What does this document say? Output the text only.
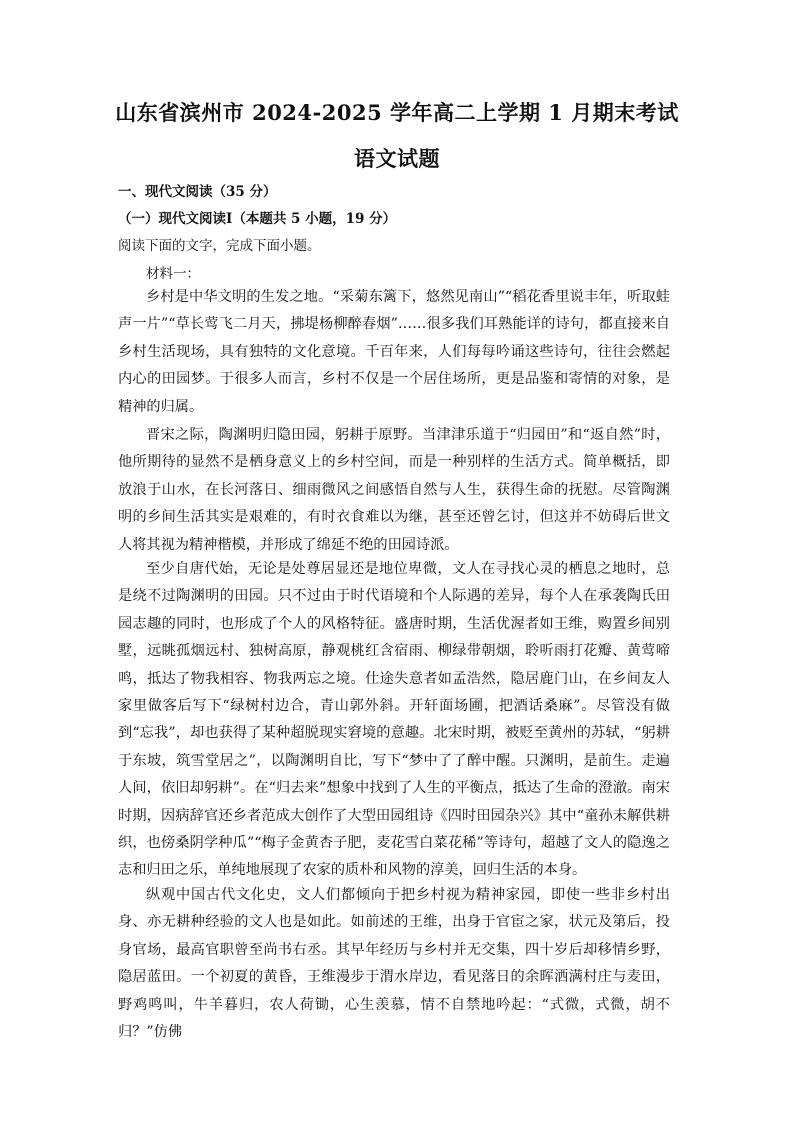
山东省滨州市 2024-2025 学年高二上学期 1 月期末考试
语文试题
一、现代文阅读（35 分）
（一）现代文阅读Ⅰ（本题共 5 小题，19 分）
阅读下面的文字，完成下面小题。
材料一：

乡村是中华文明的生发之地。“采菊东篱下，悠然见南山”“稻花香里说丰年，听取蛙声一片”“草长莺飞二月天，拂堤杨柳醉春烟”……很多我们耳熟能详的诗句，都直接来自乡村生活现场，具有独特的文化意境。千百年来，人们每每吟诵这些诗句，往往会燃起内心的田园梦。于很多人而言，乡村不仅是一个居住场所，更是品鉴和寄情的对象，是精神的归属。

晋宋之际，陶渊明归隐田园，躬耕于原野。当津津乐道于“归园田”和“返自然”时，他所期待的显然不是栖身意义上的乡村空间，而是一种别样的生活方式。简单概括，即放浪于山水，在长河落日、细雨微风之间感悟自然与人生，获得生命的抚慰。尽管陶渊明的乡间生活其实是艰难的，有时衣食难以为继，甚至还曾乞讨，但这并不妨碍后世文人将其视为精神楷模，并形成了绵延不绝的田园诗派。

至少自唐代始，无论是处尊居显还是地位卑微，文人在寻找心灵的栖息之地时，总是绕不过陶渊明的田园。只不过由于时代语境和个人际遇的差异，每个人在承袭陶氏田园志趣的同时，也形成了个人的风格特征。盛唐时期，生活优渥者如王维，购置乡间别墅，远眺孤烟远村、独树高原，静观桃红含宿雨、柳绿带朝烟，聆听雨打花瓣、黄莺啼鸣，抵达了物我相容、物我两忘之境。仕途失意者如孟浩然，隐居鹿门山，在乡间友人家里做客后写下“绿树村边合，青山郭外斜。开轩面场圃，把酒话桑麻”。尽管没有做到“忘我”，却也获得了某种超脱现实窘境的意趣。北宋时期，被贬至黄州的苏轼，“躬耕于东坡，筑雪堂居之”，以陶渊明自比，写下“梦中了了醉中醒。只渊明，是前生。走遍人间，依旧却躬耕”。在“归去来”想象中找到了人生的平衡点，抵达了生命的澄澈。南宋时期，因病辞官还乡者范成大创作了大型田园组诗《四时田园杂兴》其中“童孙未解供耕织，也傍桑阴学种瓜”“梅子金黄杏子肥，麦花雪白菜花稀”等诗句，超越了文人的隐逸之志和归田之乐，单纯地展现了农家的质朴和风物的淳美，回归生活的本身。

纵观中国古代文化史，文人们都倾向于把乡村视为精神家园，即使一些非乡村出身、亦无耕种经验的文人也是如此。如前述的王维，出身于官宦之家，状元及第后，投身官场，最高官职曾至尚书右丞。其早年经历与乡村并无交集，四十岁后却移情乡野，隐居蓝田。一个初夏的黄昏，王维漫步于渭水岸边，看见落日的余晖洒满村庄与麦田，野鸡鸣叫，牛羊暮归，农人荷锄，心生羡慕，情不自禁地吟起：“式微，式微，胡不归？”仿佛
